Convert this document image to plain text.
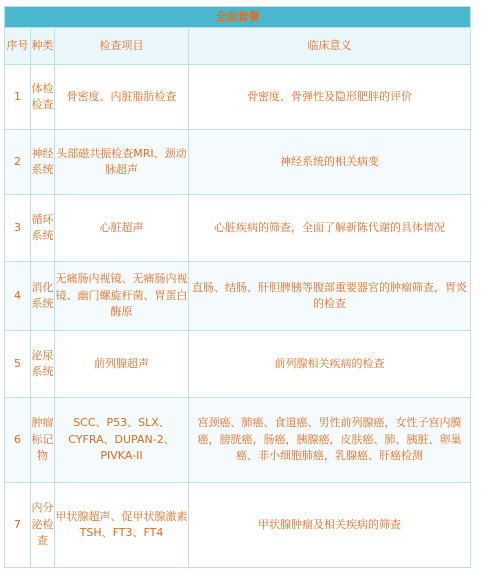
全面套餐			
序号	种类	检查项目	临床意义
1	体检检查	骨密度、内脏脂肪检查	骨密度、骨弹性及隐形肥胖的评价
2	神经系统	头部磁共振检查MRI、颈动脉超声	神经系统的相关病变
3	循环系统	心脏超声	心脏疾病的筛查，全面了解新陈代谢的具体情况
4	消化系统	无痛肠内视镜、无痛肠内视镜、幽门螺旋杆菌、胃蛋白酶原	直肠、结肠、肝胆脾胰等腹部重要器官的肿瘤筛查，胃炎的检查
5	泌尿系统	前列腺超声	前列腺相关疾病的检查
6	肿瘤标记物	SCC、P53、SLX、CYFRA、DUPAN-2、PIVKA-II	宫颈癌、肺癌、食道癌、男性前列腺癌，女性子宫内膜癌，膀胱癌，肠癌，胰腺癌，皮肤癌、肺、胰脏、卵巢癌、非小细胞肺癌，乳腺癌、肝癌检测
7	内分泌检查	甲状腺超声、促甲状腺激素TSH、FT3、FT4	甲状腺肿瘤及相关疾病的筛查
